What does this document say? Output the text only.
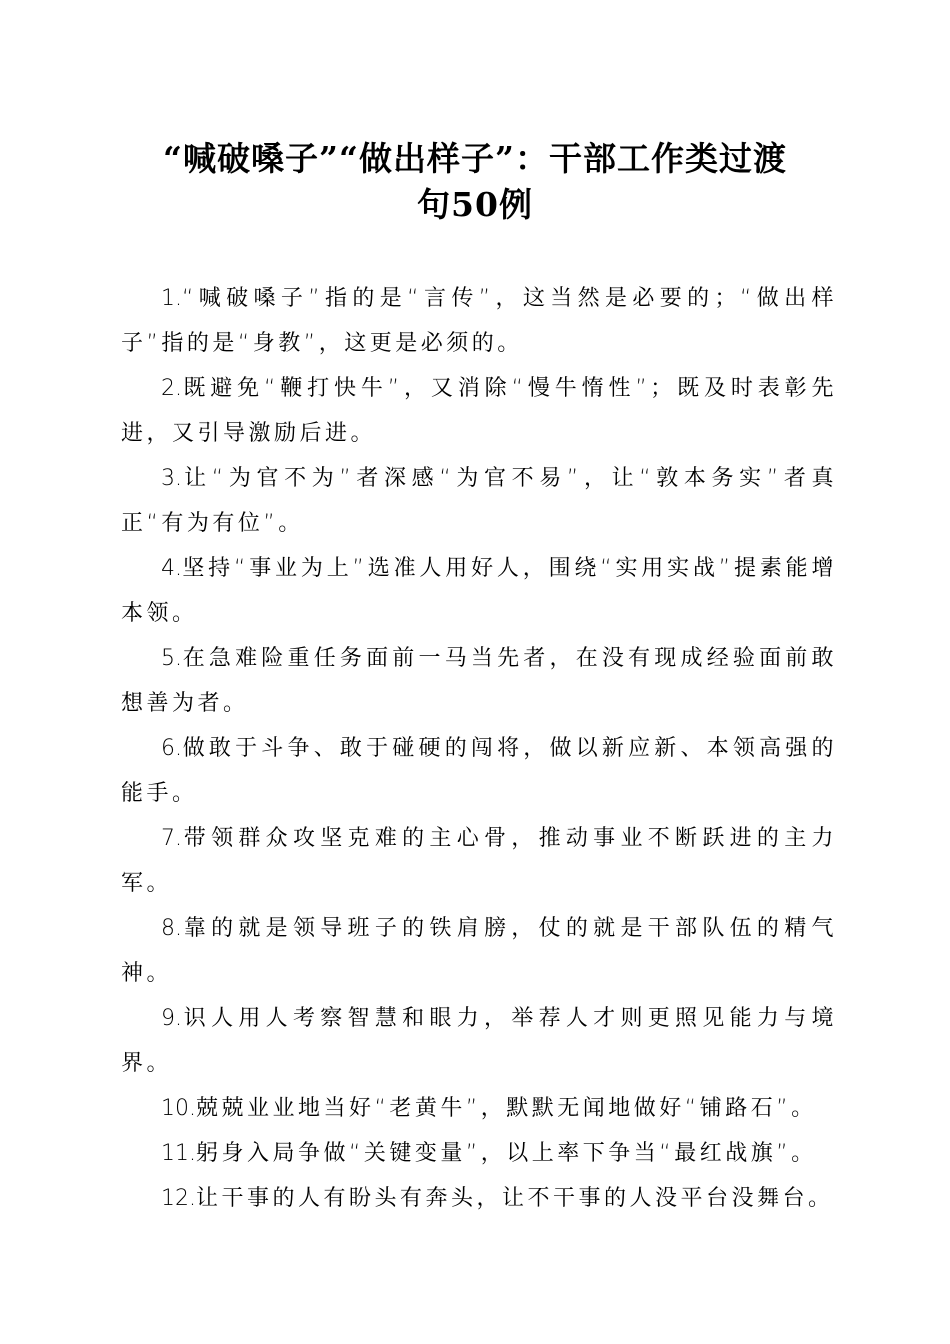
“喊破嗓子”“做出样子”：干部工作类过渡
句50例

1.“喊破嗓子”指的是“言传”，这当然是必要的；“做出样子”指的是“身教”，这更是必须的。

2.既避免“鞭打快牛”，又消除“慢牛惰性”；既及时表彰先进，又引导激励后进。

3.让“为官不为”者深感“为官不易”，让“敦本务实”者真正“有为有位”。

4.坚持“事业为上”选准人用好人，围绕“实用实战”提素能增本领。

5.在急难险重任务面前一马当先者，在没有现成经验面前敢想善为者。

6.做敢于斗争、敢于碰硬的闯将，做以新应新、本领高强的能手。

7.带领群众攻坚克难的主心骨，推动事业不断跃进的主力军。

8.靠的就是领导班子的铁肩膀，仗的就是干部队伍的精气神。

9.识人用人考察智慧和眼力，举荐人才则更照见能力与境界。

10.兢兢业业地当好“老黄牛”，默默无闻地做好“铺路石”。

11.躬身入局争做“关键变量”，以上率下争当“最红战旗”。

12.让干事的人有盼头有奔头，让不干事的人没平台没舞台。
